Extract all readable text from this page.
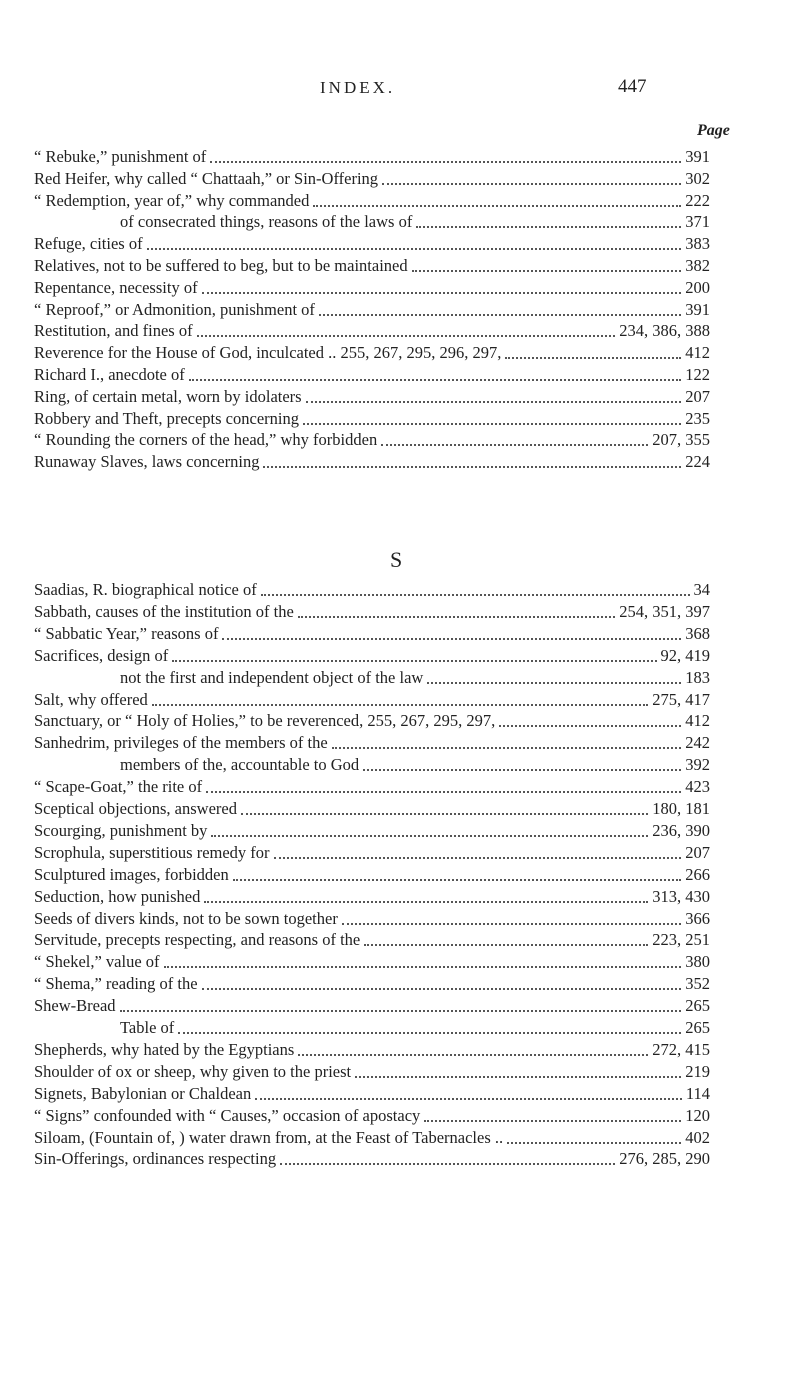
INDEX.	447
Page
“ Rebuke,” punishment of	391
Red Heifer, why called “ Chattaah,” or Sin-Offering	302
“ Redemption, year of,” why commanded	222
of consecrated things, reasons of the laws of	371
Refuge, cities of	383
Relatives, not to be suffered to beg, but to be maintained	382
Repentance, necessity of	200
“ Reproof,” or Admonition, punishment of	391
Restitution, and fines of	234, 386, 388
Reverence for the House of God, inculcated .. 255, 267, 295, 296, 297,	412
Richard I., anecdote of	122
Ring, of certain metal, worn by idolaters	207
Robbery and Theft, precepts concerning	235
“ Rounding the corners of the head,” why forbidden	207, 355
Runaway Slaves, laws concerning	224
S
Saadias, R. biographical notice of	34
Sabbath, causes of the institution of the	254, 351, 397
“ Sabbatic Year,” reasons of	368
Sacrifices, design of	92, 419
not the first and independent object of the law	183
Salt, why offered	275, 417
Sanctuary, or “ Holy of Holies,” to be reverenced, 255, 267, 295, 297,	412
Sanhedrim, privileges of the members of the	242
members of the, accountable to God	392
“ Scape-Goat,” the rite of	423
Sceptical objections, answered	180, 181
Scourging, punishment by	236, 390
Scrophula, superstitious remedy for	207
Sculptured images, forbidden	266
Seduction, how punished	313, 430
Seeds of divers kinds, not to be sown together	366
Servitude, precepts respecting, and reasons of the	223, 251
“ Shekel,” value of	380
“ Shema,” reading of the	352
Shew-Bread	265
Table of	265
Shepherds, why hated by the Egyptians	272, 415
Shoulder of ox or sheep, why given to the priest	219
Signets, Babylonian or Chaldean	114
“ Signs” confounded with “ Causes,” occasion of apostacy	120
Siloam, (Fountain of, ) water drawn from, at the Feast of Tabernacles ..	402
Sin-Offerings, ordinances respecting	276, 285, 290
